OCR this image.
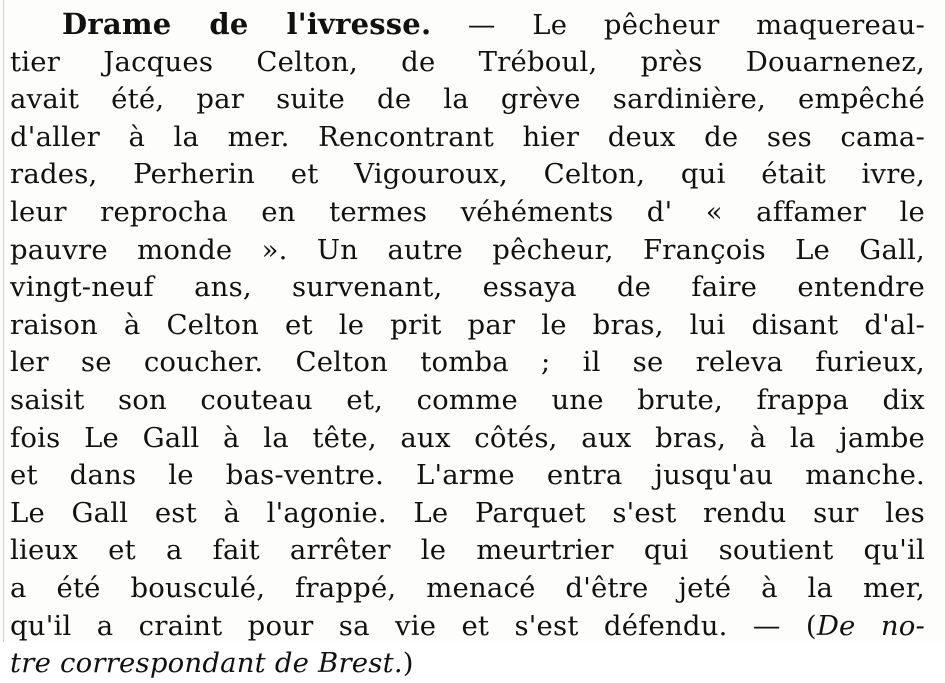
Drame de l'ivresse. — Le pêcheur maquereau-
tier Jacques Celton, de Tréboul, près Douarnenez,
avait été, par suite de la grève sardinière, empêché
d'aller à la mer. Rencontrant hier deux de ses cama-
rades, Perherin et Vigouroux, Celton, qui était ivre,
leur reprocha en termes véhéments d' « affamer le
pauvre monde ». Un autre pêcheur, François Le Gall,
vingt-neuf ans, survenant, essaya de faire entendre
raison à Celton et le prit par le bras, lui disant d'al-
ler se coucher. Celton tomba ; il se releva furieux,
saisit son couteau et, comme une brute, frappa dix
fois Le Gall à la tête, aux côtés, aux bras, à la jambe
et dans le bas-ventre. L'arme entra jusqu'au manche.
Le Gall est à l'agonie. Le Parquet s'est rendu sur les
lieux et a fait arrêter le meurtrier qui soutient qu'il
a été bousculé, frappé, menacé d'être jeté à la mer,
qu'il a craint pour sa vie et s'est défendu. — (De no-
tre correspondant de Brest.)
